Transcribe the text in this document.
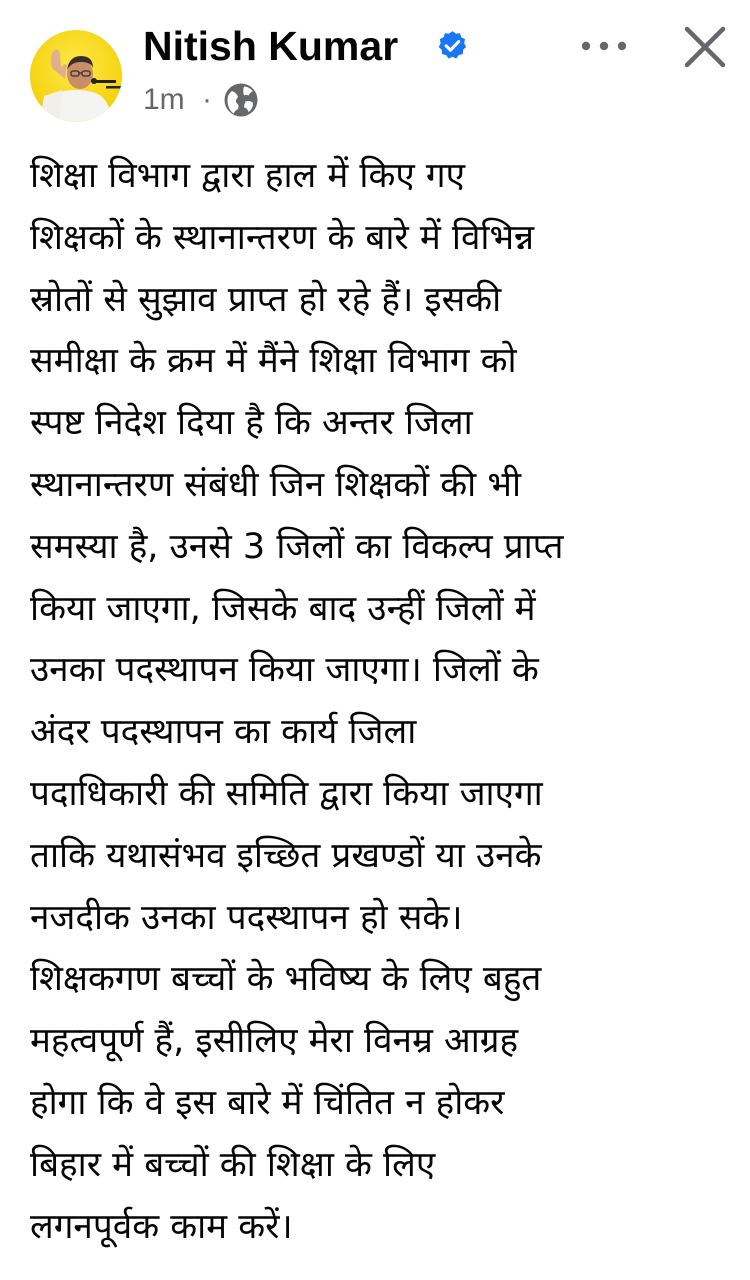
Nitish Kumar
1m ·
शिक्षा विभाग द्वारा हाल में किए गए
शिक्षकों के स्थानान्तरण के बारे में विभिन्न
स्रोतों से सुझाव प्राप्त हो रहे हैं। इसकी
समीक्षा के क्रम में मैंने शिक्षा विभाग को
स्पष्ट निदेश दिया है कि अन्तर जिला
स्थानान्तरण संबंधी जिन शिक्षकों की भी
समस्या है, उनसे 3 जिलों का विकल्प प्राप्त
किया जाएगा, जिसके बाद उन्हीं जिलों में
उनका पदस्थापन किया जाएगा। जिलों के
अंदर पदस्थापन का कार्य जिला
पदाधिकारी की समिति द्वारा किया जाएगा
ताकि यथासंभव इच्छित प्रखण्डों या उनके
नजदीक उनका पदस्थापन हो सके।
शिक्षकगण बच्चों के भविष्य के लिए बहुत
महत्वपूर्ण हैं, इसीलिए मेरा विनम्र आग्रह
होगा कि वे इस बारे में चिंतित न होकर
बिहार में बच्चों की शिक्षा के लिए
लगनपूर्वक काम करें।
